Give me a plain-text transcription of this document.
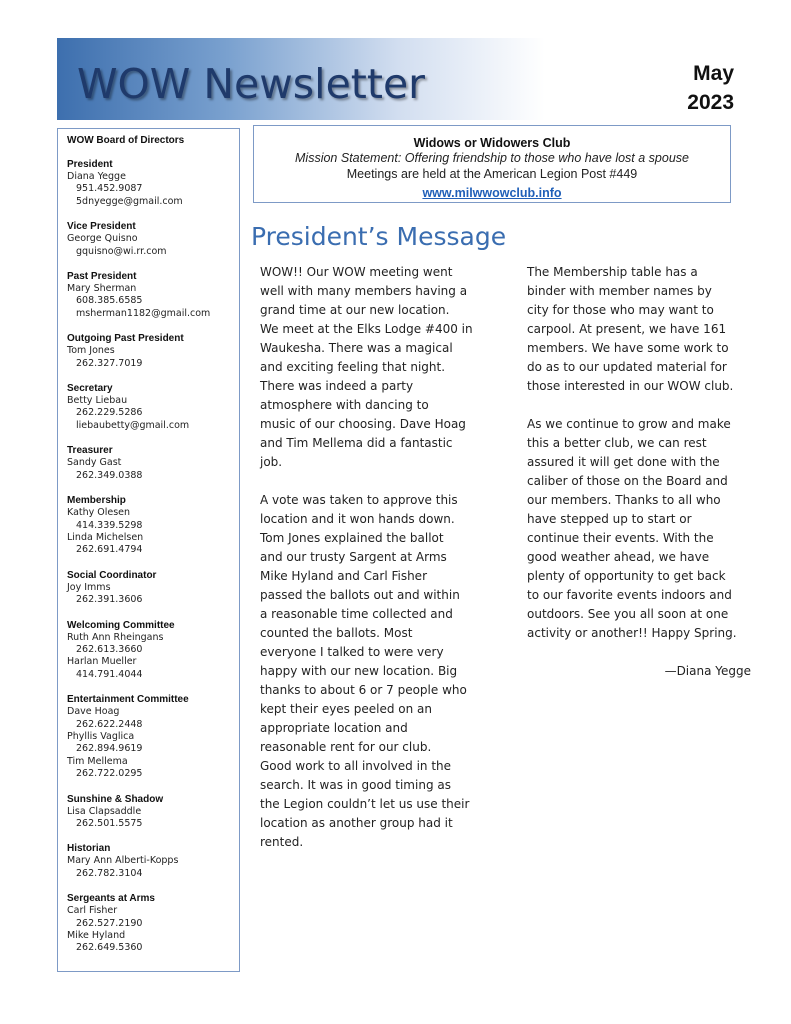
WOW Newsletter	May
2023
WOW Board of Directors
President
Diana Yegge
951.452.9087
5dnyegge@gmail.com
Vice President
George Quisno
gquisno@wi.rr.com
Past President
Mary Sherman
608.385.6585
msherman1182@gmail.com
Outgoing Past President
Tom Jones
262.327.7019
Secretary
Betty Liebau
262.229.5286
liebaubetty@gmail.com
Treasurer
Sandy Gast
262.349.0388
Membership
Kathy Olesen
414.339.5298
Linda Michelsen
262.691.4794
Social Coordinator
Joy Imms
262.391.3606
Welcoming Committee
Ruth Ann Rheingans
262.613.3660
Harlan Mueller
414.791.4044
Entertainment Committee
Dave Hoag
262.622.2448
Phyllis Vaglica
262.894.9619
Tim Mellema
262.722.0295
Sunshine & Shadow
Lisa Clapsaddle
262.501.5575
Historian
Mary Ann Alberti-Kopps
262.782.3104
Sergeants at Arms
Carl Fisher
262.527.2190
Mike Hyland
262.649.5360
Widows or Widowers Club
Mission Statement: Offering friendship to those who have lost a spouse
Meetings are held at the American Legion Post #449
www.milwwowclub.info
President’s Message

WOW!! Our WOW meeting went
well with many members having a
grand time at our new location.
We meet at the Elks Lodge #400 in
Waukesha. There was a magical
and exciting feeling that night.
There was indeed a party
atmosphere with dancing to
music of our choosing. Dave Hoag
and Tim Mellema did a fantastic
job.

A vote was taken to approve this
location and it won hands down.
Tom Jones explained the ballot
and our trusty Sargent at Arms
Mike Hyland and Carl Fisher
passed the ballots out and within
a reasonable time collected and
counted the ballots. Most
everyone I talked to were very
happy with our new location. Big
thanks to about 6 or 7 people who
kept their eyes peeled on an
appropriate location and
reasonable rent for our club.
Good work to all involved in the
search. It was in good timing as
the Legion couldn’t let us use their
location as another group had it
rented.

The Membership table has a
binder with member names by
city for those who may want to
carpool. At present, we have 161
members. We have some work to
do as to our updated material for
those interested in our WOW club.

As we continue to grow and make
this a better club, we can rest
assured it will get done with the
caliber of those on the Board and
our members. Thanks to all who
have stepped up to start or
continue their events. With the
good weather ahead, we have
plenty of opportunity to get back
to our favorite events indoors and
outdoors. See you all soon at one
activity or another!! Happy Spring.

—Diana Yegge
